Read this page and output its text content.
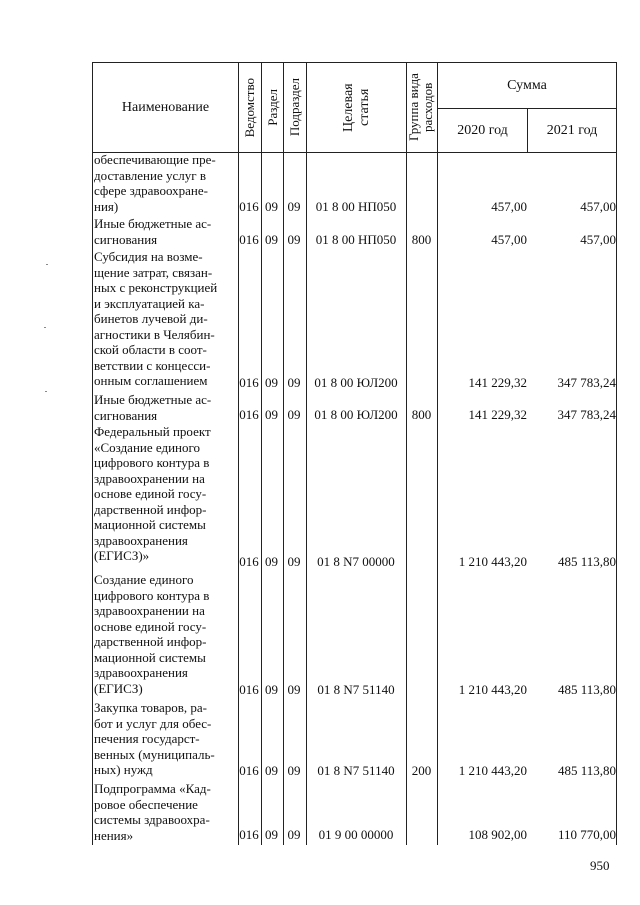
Наименование	Ведомство Раздел Подраздел	Целевая статья	Группа вида расходов	Сумма
2020 год	2021 год
обеспечивающие пре-
доставление услуг в
сфере здравоохране-
ния)	016 09 09	01 8 00 НП050	457,00	457,00
Иные бюджетные ас-
сигнования	016 09 09	01 8 00 НП050	800	457,00	457,00
Субсидия на возме-
щение затрат, связан-
ных с реконструкцией
и эксплуатацией ка-
бинетов лучевой ди-
агностики в Челябин-
ской области в соот-
ветствии с концесси-
онным соглашением	016 09 09	01 8 00 ЮЛ200	141 229,32	347 783,24
Иные бюджетные ас-
сигнования	016 09 09	01 8 00 ЮЛ200	800	141 229,32	347 783,24
Федеральный проект
«Создание единого
цифрового контура в
здравоохранении на
основе единой госу-
дарственной инфор-
мационной системы
здравоохранения
(ЕГИСЗ)»	016 09 09	01 8 N7 00000	1 210 443,20	485 113,80
Создание единого
цифрового контура в
здравоохранении на
основе единой госу-
дарственной инфор-
мационной системы
здравоохранения
(ЕГИСЗ)	016 09 09	01 8 N7 51140	1 210 443,20	485 113,80
Закупка товаров, ра-
бот и услуг для обес-
печения государст-
венных (муниципаль-
ных) нужд	016 09 09	01 8 N7 51140	200	1 210 443,20	485 113,80
Подпрограмма «Кад-
ровое обеспечение
системы здравоохра-
нения»	016 09 09	01 9 00 00000	108 902,00	110 770,00
950
